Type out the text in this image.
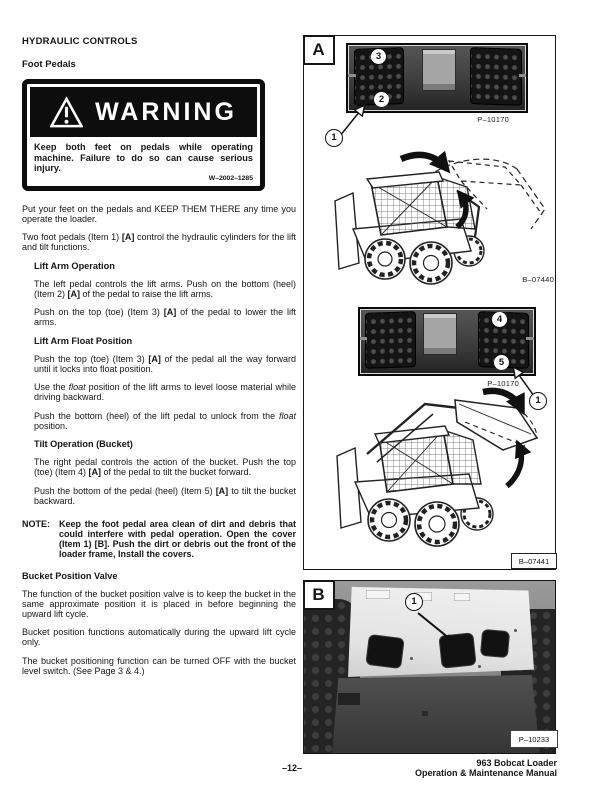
HYDRAULIC CONTROLS
Foot Pedals
WARNING
Keep both feet on pedals while operating machine. Failure to do so can cause serious injury.
W–2002–1285
Put your feet on the pedals and KEEP THEM THERE any time you operate the loader.
Two foot pedals (Item 1) [A] control the hydraulic cylinders for the lift and tilt functions.
Lift Arm Operation
The left pedal controls the lift arms. Push on the bottom (heel) (Item 2) [A] of the pedal to raise the lift arms.
Push on the top (toe) (Item 3) [A] of the pedal to lower the lift arms.
Lift Arm Float Position
Push the top (toe) (Item 3) [A] of the pedal all the way forward until it locks into float position.
Use the float position of the lift arms to level loose material while driving backward.
Push the bottom (heel) of the lift pedal to unlock from the float position.
Tilt Operation (Bucket)
The right pedal controls the action of the bucket. Push the top (toe) (Item 4) [A] of the pedal to tilt the bucket forward.
Push the bottom of the pedal (heel) (Item 5) [A] to tilt the bucket backward.
NOTE: Keep the foot pedal area clean of dirt and debris that could interfere with pedal operation. Open the cover (Item 1) [B]. Push the dirt or debris out the front of the loader frame, Install the covers.
Bucket Position Valve
The function of the bucket position valve is to keep the bucket in the same approximate position it is placed in before beginning the upward lift cycle.
Bucket position functions automatically during the upward lift cycle only.
The bucket positioning function can be turned OFF with the bucket level switch. (See Page 3 & 4.)
A	3
2
P–10170
1
B–07440
4
5
P–10170
1
B–07441
B	1
P–10233
–12–	963 Bobcat Loader
Operation & Maintenance Manual
